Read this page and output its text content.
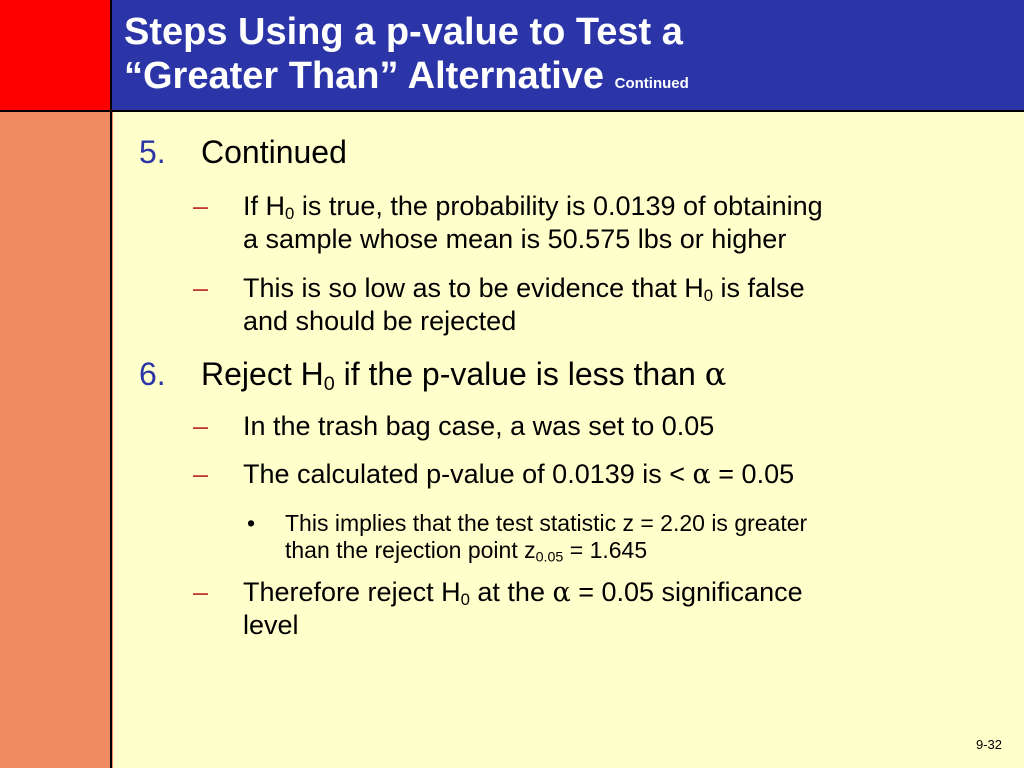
Steps Using a p-value to Test a
“Greater Than” Alternative Continued
5. Continued
– If $H_0$ is true, the probability is 0.0139 of obtaining
a sample whose mean is 50.575 lbs or higher
– This is so low as to be evidence that $H_0$ is false
and should be rejected
6. Reject $H_0$ if the p-value is less than α
– In the trash bag case, a was set to 0.05
– The calculated p-value of 0.0139 is < α = 0.05
• This implies that the test statistic z = 2.20 is greater
than the rejection point $z_{0.05} = 1.645$
– Therefore reject $H_0$ at the α = 0.05 significance
level
9-32
